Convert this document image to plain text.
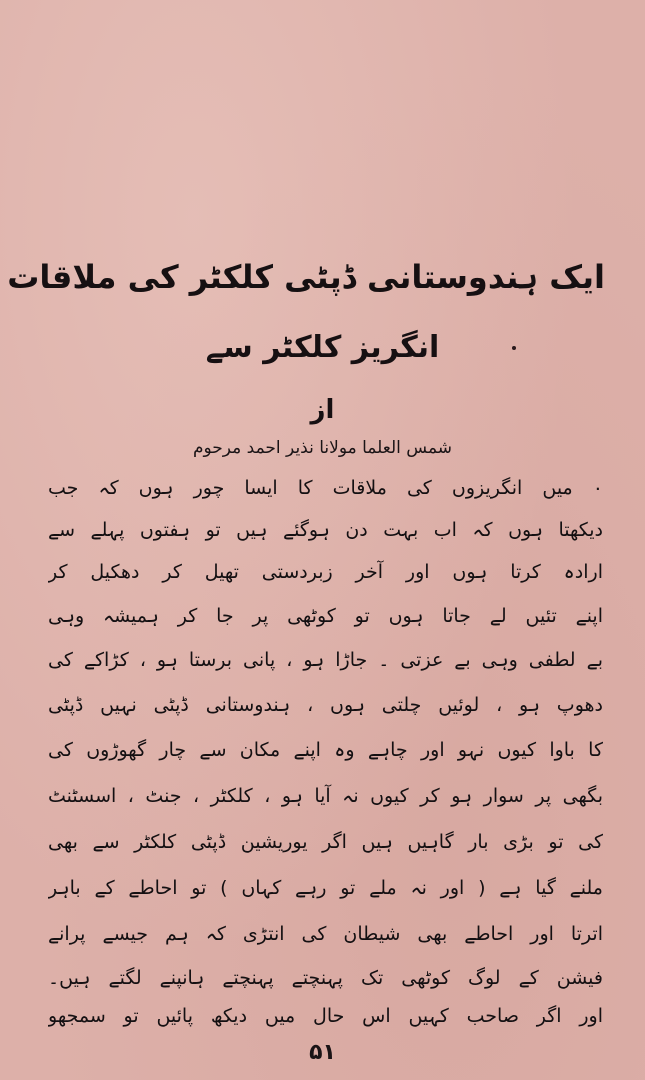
ایک ہندوستانی ڈپٹی کلکٹر کی ملاقات
انگریز کلکٹر سے
از
شمس العلما مولانا نذیر احمد مرحوم
۰ میں انگریزوں کی ملاقات کا ایسا چور ہوں کہ جب
دیکھتا ہوں کہ اب بہت دن ہوگئے ہیں تو ہفتوں پہلے سے
ارادہ کرتا ہوں اور آخر زبردستی تھیل کر دھکیل کر
اپنے تئیں لے جاتا ہوں تو کوٹھی پر جا کر ہمیشہ وہی
بے لطفی وہی بے عزتی ۔ جاڑا ہو ، پانی برستا ہو ، کڑاکے کی
دھوپ ہو ، لوئیں چلتی ہوں ، ہندوستانی ڈپٹی نہیں ڈپٹی
کا باوا کیوں نہو اور چاہے وہ اپنے مکان سے چار گھوڑوں کی
بگھی پر سوار ہو کر کیوں نہ آیا ہو ، کلکٹر ، جنٹ ، اسسٹنٹ
کی تو بڑی بار گاہیں ہیں اگر یوریشین ڈپٹی کلکٹر سے بھی
ملنے گیا ہے ( اور نہ ملے تو رہے کہاں ) تو احاطے کے باہر
اترتا اور احاطے بھی شیطان کی انتڑی کہ ہم جیسے پرانے
فیشن کے لوگ کوٹھی تک پہنچتے پہنچتے ہانپنے لگتے ہیں۔
اور اگر صاحب کہیں اس حال میں دیکھ پائیں تو سمجھو
۵۱
